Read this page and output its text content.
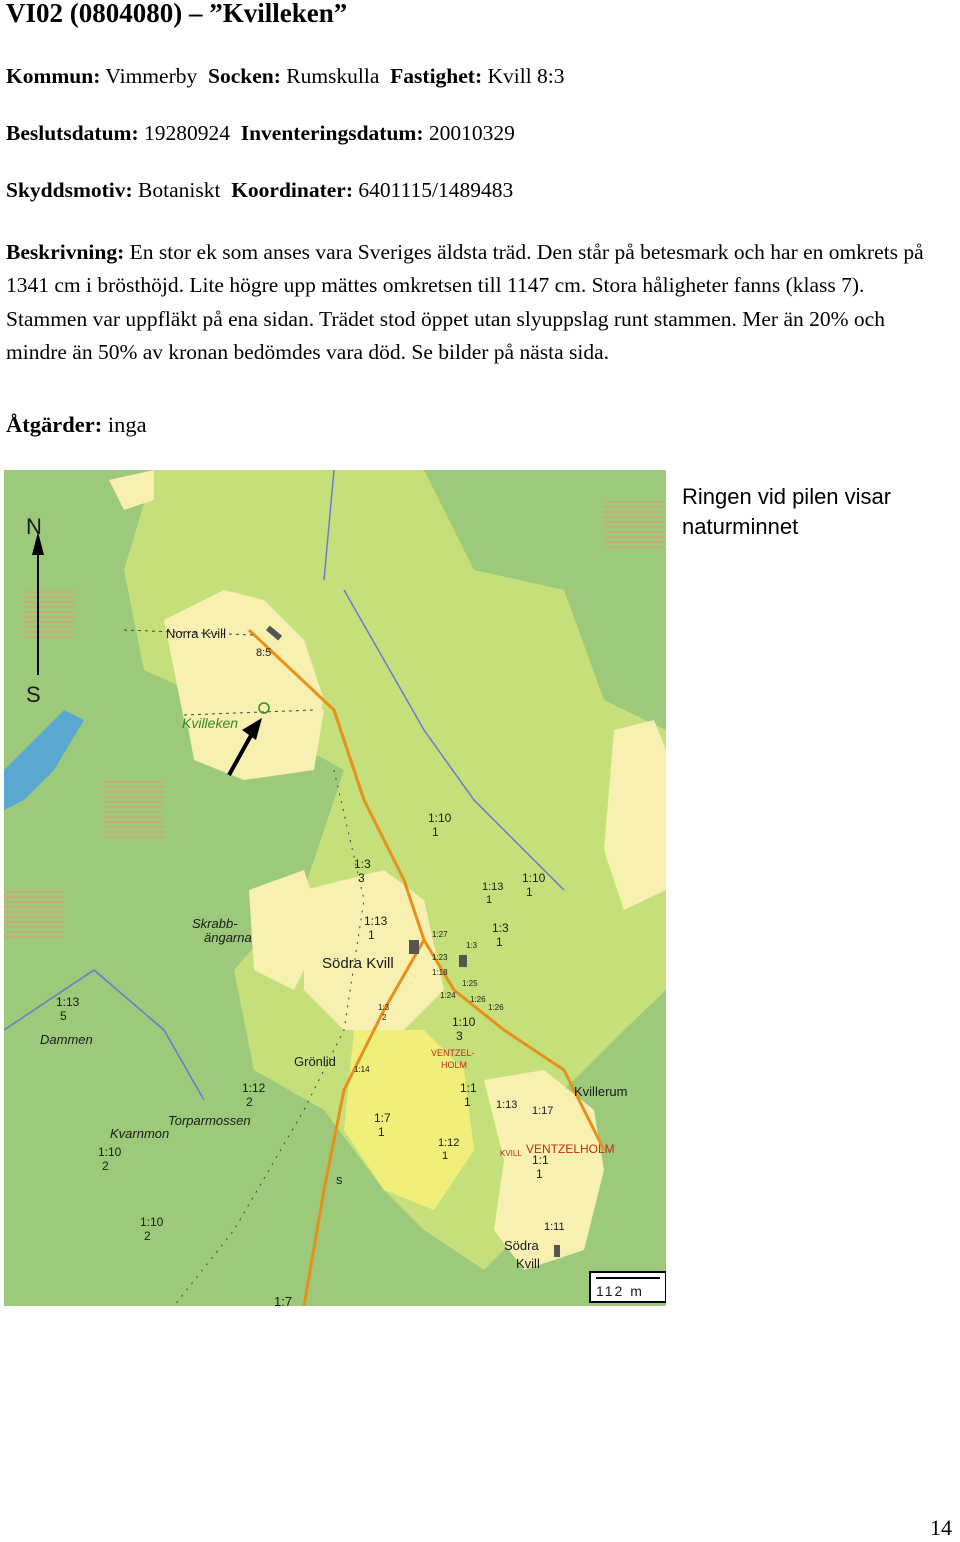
VI02 (0804080) – ”Kvilleken”
Kommun: Vimmerby Socken: Rumskulla Fastighet: Kvill 8:3
Beslutsdatum: 19280924 Inventeringsdatum: 20010329
Skyddsmotiv: Botaniskt Koordinater: 6401115/1489483
Beskrivning: En stor ek som anses vara Sveriges äldsta träd. Den står på betesmark och har en omkrets på 1341 cm i brösthöjd. Lite högre upp mättes omkretsen till 1147 cm. Stora håligheter fanns (klass 7). Stammen var uppfläkt på ena sidan. Trädet stod öppet utan slyuppslag runt stammen. Mer än 20% och mindre än 50% av kronan bedömdes vara död. Se bilder på nästa sida.
Åtgärder: inga
112 m
N
S
Norra Kvill
Kvilleken
Skrabb-
ängarna
Södra Kvill
Dammen
Grönlid
Torparmossen
Kvarnmon
Kvillerum
VENTZELHOLM
VENTZEL-
HOLM
KVILL
Södra
Kvill
s
8:5
1:10
1
1:3
3	1:10
1
1:13
1
1:13
1	1:3
1
1:27
1:3
1:23
1:18
1:25
1:24 1:26
1:26
1:13
5
1:3
2	1:10
3
1:14
1:12
2
1:1
1 1:13 1:17
1:7
1
1:12
1	1:1
1
1:10
2
1:10
2
1:11
1:7
Ringen vid pilen visar naturminnet
14
